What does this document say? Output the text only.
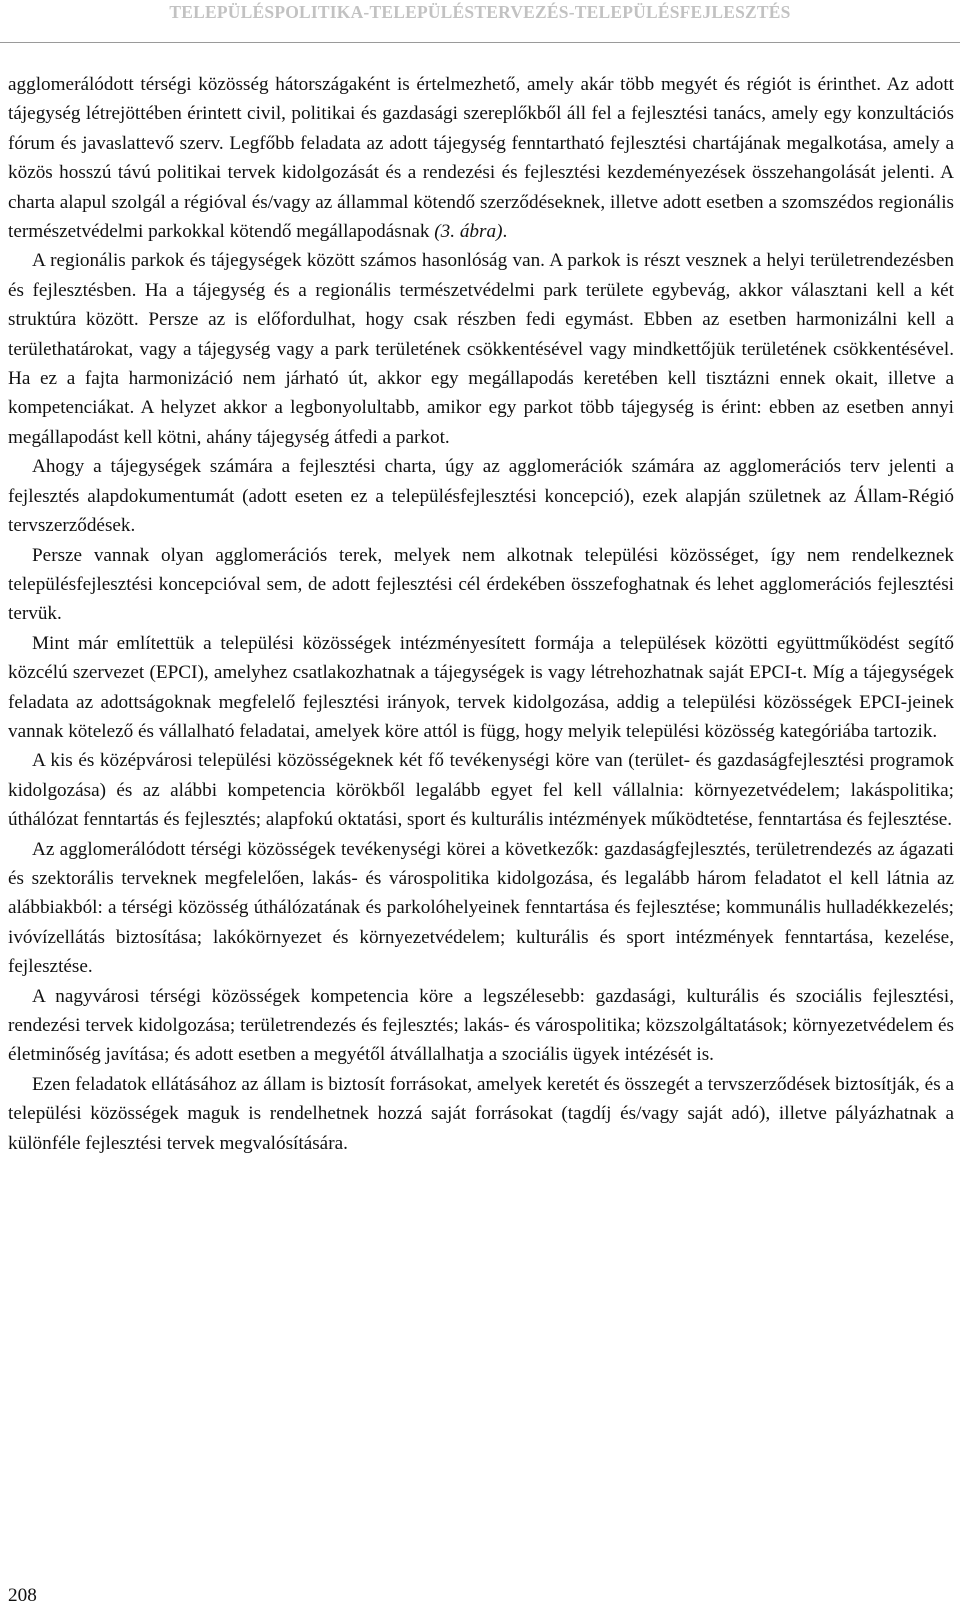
TELEPÜLÉSPOLITIKA-TELEPÜLÉSTERVEZÉS-TELEPÜLÉSFEJLESZTÉS

agglomerálódott térségi közösség hátországaként is értelmezhető, amely akár több megyét és régiót is érinthet. Az adott tájegység létrejöttében érintett civil, politikai és gazdasági szereplőkből áll fel a fejlesztési tanács, amely egy konzultációs fórum és javaslattevő szerv. Legfőbb feladata az adott tájegység fenntartható fejlesztési chartájának megalkotása, amely a közös hosszú távú politikai tervek kidolgozását és a rendezési és fejlesztési kezdeményezések összehangolását jelenti. A charta alapul szolgál a régióval és/vagy az állammal kötendő szerződéseknek, illetve adott esetben a szomszédos regionális természetvédelmi parkokkal kötendő megállapodásnak (3. ábra).

A regionális parkok és tájegységek között számos hasonlóság van. A parkok is részt vesznek a helyi területrendezésben és fejlesztésben. Ha a tájegység és a regionális természetvédelmi park területe egybevág, akkor választani kell a két struktúra között. Persze az is előfordulhat, hogy csak részben fedi egymást. Ebben az esetben harmonizálni kell a területhatárokat, vagy a tájegység vagy a park területének csökkentésével vagy mindkettőjük területének csökkentésével. Ha ez a fajta harmonizáció nem járható út, akkor egy megállapodás keretében kell tisztázni ennek okait, illetve a kompetenciákat. A helyzet akkor a legbonyolultabb, amikor egy parkot több tájegység is érint: ebben az esetben annyi megállapodást kell kötni, ahány tájegység átfedi a parkot.

Ahogy a tájegységek számára a fejlesztési charta, úgy az agglomerációk számára az agglomerációs terv jelenti a fejlesztés alapdokumentumát (adott eseten ez a településfejlesztési koncepció), ezek alapján születnek az Állam-Régió tervszerződések.

Persze vannak olyan agglomerációs terek, melyek nem alkotnak települési közösséget, így nem rendelkeznek településfejlesztési koncepcióval sem, de adott fejlesztési cél érdekében összefoghatnak és lehet agglomerációs fejlesztési tervük.

Mint már említettük a települési közösségek intézményesített formája a települések közötti együttműködést segítő közcélú szervezet (EPCI), amelyhez csatlakozhatnak a tájegységek is vagy létrehozhatnak saját EPCI-t. Míg a tájegységek feladata az adottságoknak megfelelő fejlesztési irányok, tervek kidolgozása, addig a települési közösségek EPCI-jeinek vannak kötelező és vállalható feladatai, amelyek köre attól is függ, hogy melyik települési közösség kategóriába tartozik.

A kis és középvárosi települési közösségeknek két fő tevékenységi köre van (terület- és gazdaságfejlesztési programok kidolgozása) és az alábbi kompetencia körökből legalább egyet fel kell vállalnia: környezetvédelem; lakáspolitika; úthálózat fenntartás és fejlesztés; alapfokú oktatási, sport és kulturális intézmények működtetése, fenntartása és fejlesztése.

Az agglomerálódott térségi közösségek tevékenységi körei a következők: gazdaságfejlesztés, területrendezés az ágazati és szektorális terveknek megfelelően, lakás- és várospolitika kidolgozása, és legalább három feladatot el kell látnia az alábbiakból: a térségi közösség úthálózatának és parkolóhelyeinek fenntartása és fejlesztése; kommunális hulladékkezelés; ivóvízellátás biztosítása; lakókörnyezet és környezetvédelem; kulturális és sport intézmények fenntartása, kezelése, fejlesztése.

A nagyvárosi térségi közösségek kompetencia köre a legszélesebb: gazdasági, kulturális és szociális fejlesztési, rendezési tervek kidolgozása; területrendezés és fejlesztés; lakás- és várospolitika; közszolgáltatások; környezetvédelem és életminőség javítása; és adott esetben a megyétől átvállalhatja a szociális ügyek intézését is.

Ezen feladatok ellátásához az állam is biztosít forrásokat, amelyek keretét és összegét a tervszerződések biztosítják, és a települési közösségek maguk is rendelhetnek hozzá saját forrásokat (tagdíj és/vagy saját adó), illetve pályázhatnak a különféle fejlesztési tervek megvalósítására.

208
